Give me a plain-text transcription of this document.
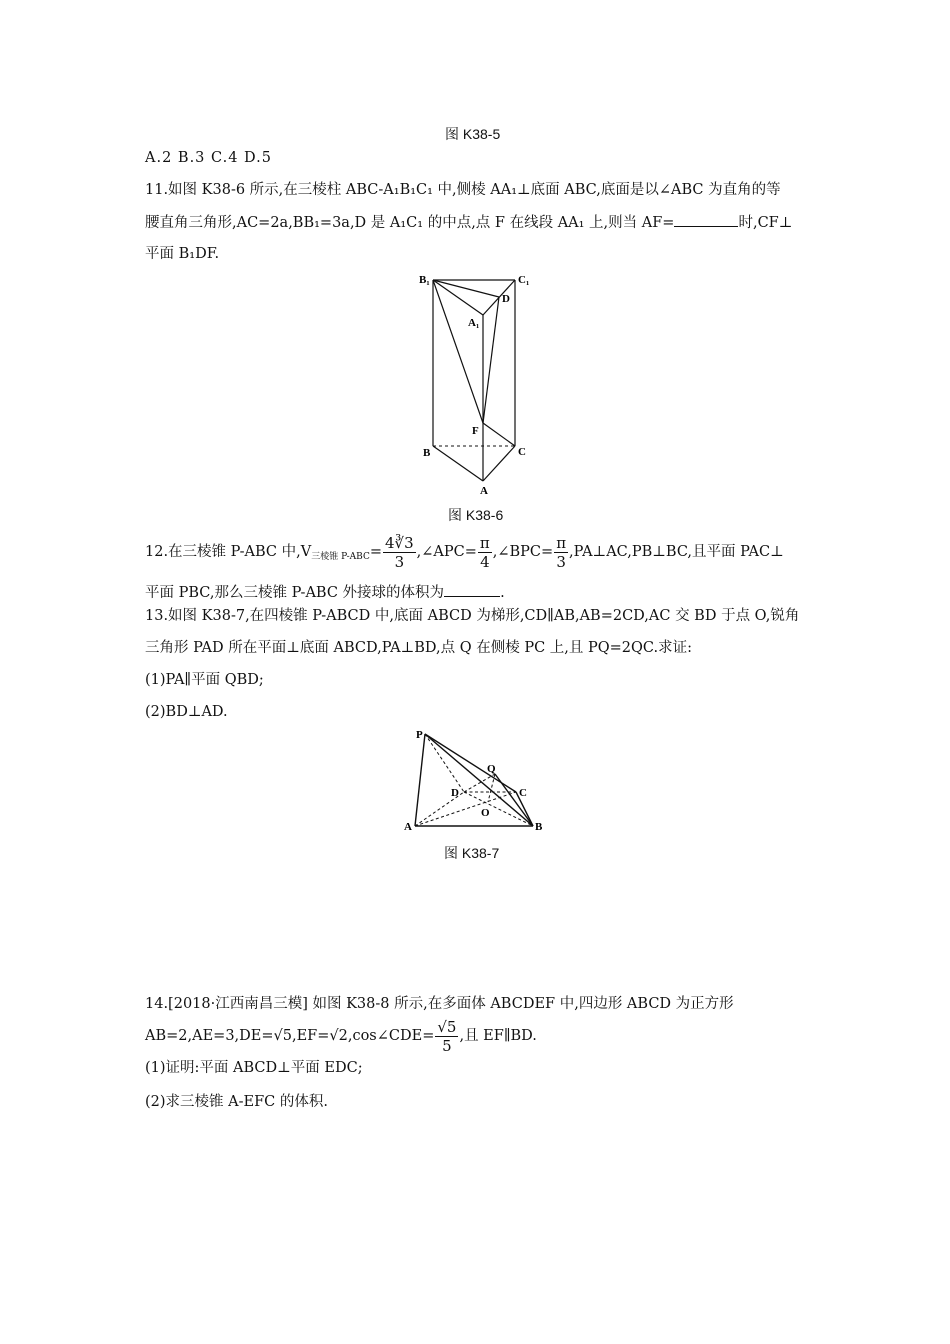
图 K38-5
A.2 B.3 C.4 D.5
11.如图 K38-6 所示,在三棱柱 ABC-A₁B₁C₁ 中,侧棱 AA₁⊥底面 ABC,底面是以∠ABC 为直角的等
腰直角三角形,AC=2a,BB₁=3a,D 是 A₁C₁ 的中点,点 F 在线段 AA₁ 上,则当 AF=	时,CF⊥
平面 B₁DF.
B₁	C₁
D
A₁
F
B	C
A
图 K38-6
12.在三棱锥 P-ABC 中$,V_{三棱锥 P-ABC}= \frac{4∛3}{3}$ ,∠APC= $\frac{\pi}{4}$ ,∠BPC= $\frac{\pi}{3}$ ,PA⊥AC,PB⊥BC,且平面 PAC⊥
平面 PBC,那么三棱锥 P-ABC 外接球的体积为	.
13.如图 K38-7,在四棱锥 P-ABCD 中,底面 ABCD 为梯形,CD∥AB,AB=2CD,AC 交 BD 于点 O,锐角
三角形 PAD 所在平面⊥底面 ABCD,PA⊥BD,点 Q 在侧棱 PC 上,且 PQ=2QC.求证:
(1)PA∥平面 QBD;
(2)BD⊥AD.
P
Q
D	C
O
A	B
图 K38-7
14.[2018·江西南昌三模] 如图 K38-8 所示,在多面体 ABCDEF 中,四边形 ABCD 为正方形
AB=2,AE=3,DE=√5,EF=√2,cos∠CDE= $\frac{√5}{5}$ ,且 EF∥BD.
(1)证明:平面 ABCD⊥平面 EDC;
(2)求三棱锥 A-EFC 的体积.
